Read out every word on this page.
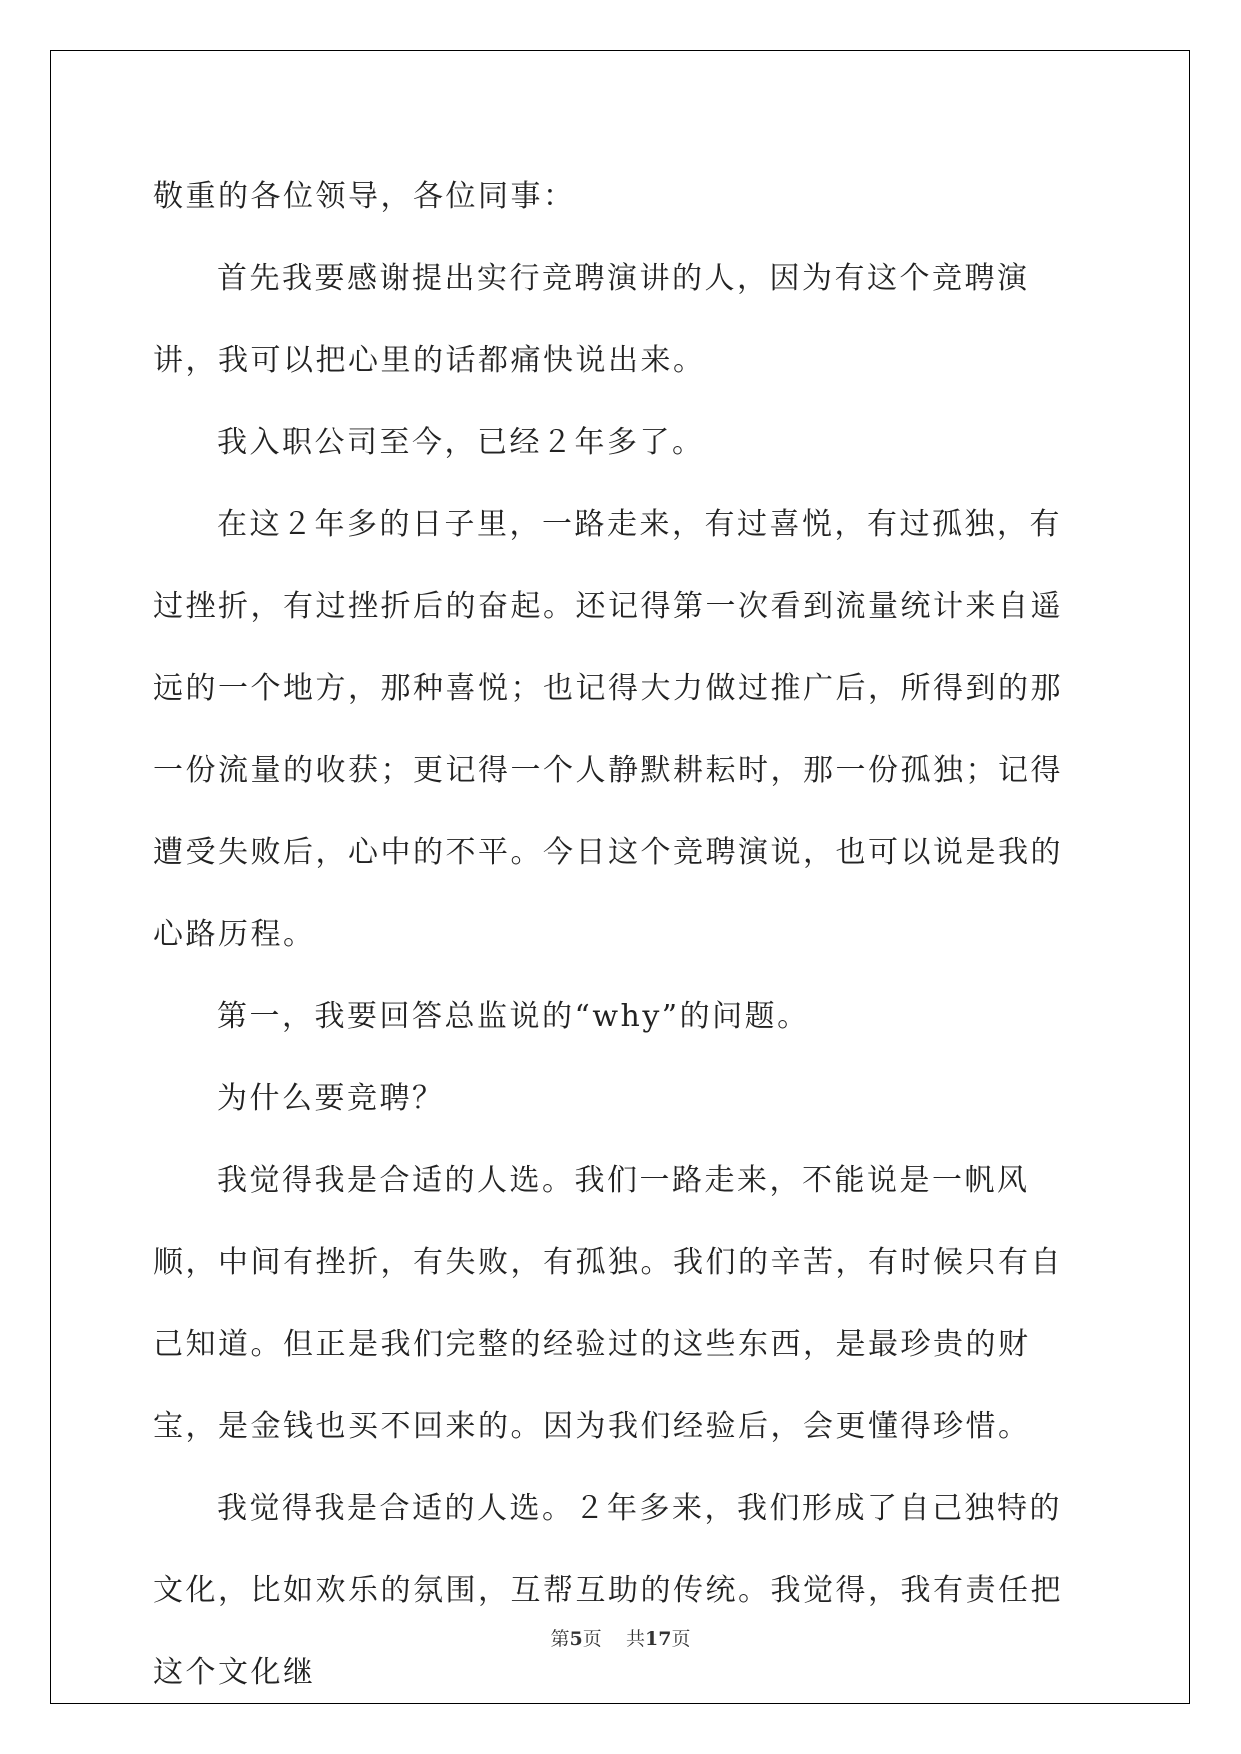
敬重的各位领导，各位同事：

首先我要感谢提出实行竞聘演讲的人，因为有这个竞聘演讲，我可以把心里的话都痛快说出来。

我入职公司至今，已经２年多了。

在这２年多的日子里，一路走来，有过喜悦，有过孤独，有过挫折，有过挫折后的奋起。还记得第一次看到流量统计来自遥远的一个地方，那种喜悦；也记得大力做过推广后，所得到的那一份流量的收获；更记得一个人静默耕耘时，那一份孤独；记得遭受失败后，心中的不平。今日这个竞聘演说，也可以说是我的心路历程。

第一，我要回答总监说的“why”的问题。

为什么要竞聘？

我觉得我是合适的人选。我们一路走来，不能说是一帆风顺，中间有挫折，有失败，有孤独。我们的辛苦，有时候只有自己知道。但正是我们完整的经验过的这些东西，是最珍贵的财宝，是金钱也买不回来的。因为我们经验后，会更懂得珍惜。

我觉得我是合适的人选。２年多来，我们形成了自己独特的文化，比如欢乐的氛围，互帮互助的传统。我觉得，我有责任把这个文化继

第5页 共17页
